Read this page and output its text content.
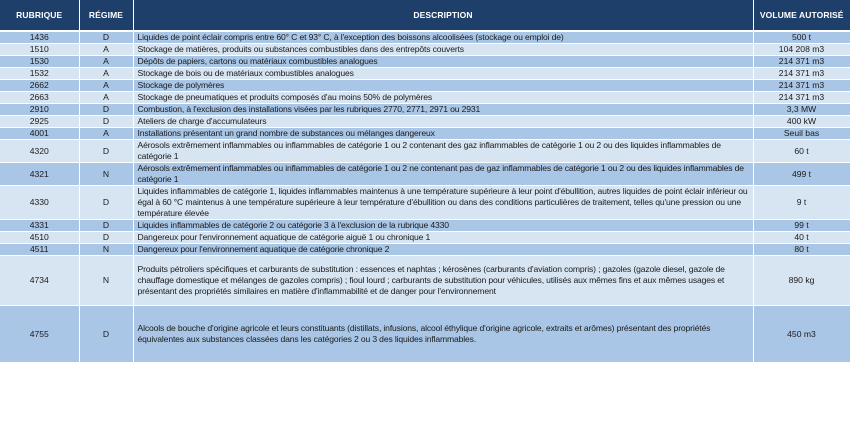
RUBRIQUE	RÉGIME	DESCRIPTION	VOLUME AUTORISÉ
1436	D	Liquides de point éclair compris entre 60° C et 93° C, à l'exception des boissons alcoolisées (stockage ou emploi de)	500 t
1510	A	Stockage de matières, produits ou substances combustibles dans des entrepôts couverts	104 208 m3
1530	A	Dépôts de papiers, cartons ou matériaux combustibles analogues	214 371 m3
1532	A	Stockage de bois ou de matériaux combustibles analogues	214 371 m3
2662	A	Stockage de polymères	214 371 m3
2663	A	Stockage de pneumatiques et produits composés d'au moins 50% de polymères	214 371 m3
2910	D	Combustion, à l'exclusion des installations visées par les rubriques 2770, 2771, 2971 ou 2931	3,3 MW
2925	D	Ateliers de charge d'accumulateurs	400 kW
4001	A	Installations présentant un grand nombre de substances ou mélanges dangereux	Seuil bas
4320	D	Aérosols extrêmement inflammables ou inflammables de catégorie 1 ou 2 contenant des gaz inflammables de catégorie 1 ou 2 ou des liquides inflammables de catégorie 1	60 t
4321	N	Aérosols extrêmement inflammables ou inflammables de catégorie 1 ou 2 ne contenant pas de gaz inflammables de catégorie 1 ou 2 ou des liquides inflammables de catégorie 1	499 t
4330	D	Liquides inflammables de catégorie 1, liquides inflammables maintenus à une température supérieure à leur point d'ébullition, autres liquides de point éclair inférieur ou égal à 60 °C maintenus à une température supérieure à leur température d'ébullition ou dans des conditions particulières de traitement, telles qu'une pression ou une température élevée	9 t
4331	D	Liquides inflammables de catégorie 2 ou catégorie 3 à l'exclusion de la rubrique 4330	99 t
4510	D	Dangereux pour l'environnement aquatique de catégorie aiguë 1 ou chronique 1	40 t
4511	N	Dangereux pour l'environnement aquatique de catégorie chronique 2	80 t
4734	N	Produits pétroliers spécifiques et carburants de substitution : essences et naphtas ; kérosènes (carburants d'aviation compris) ; gazoles (gazole diesel, gazole de chauffage domestique et mélanges de gazoles compris) ; fioul lourd ; carburants de substitution pour véhicules, utilisés aux mêmes fins et aux mêmes usages et présentant des propriétés similaires en matière d'inflammabilité et de danger pour l'environnement	890 kg
4755	D	Alcools de bouche d'origine agricole et leurs constituants (distillats, infusions, alcool éthylique d'origine agricole, extraits et arômes) présentant des propriétés équivalentes aux substances classées dans les catégories 2 ou 3 des liquides inflammables.	450 m3
